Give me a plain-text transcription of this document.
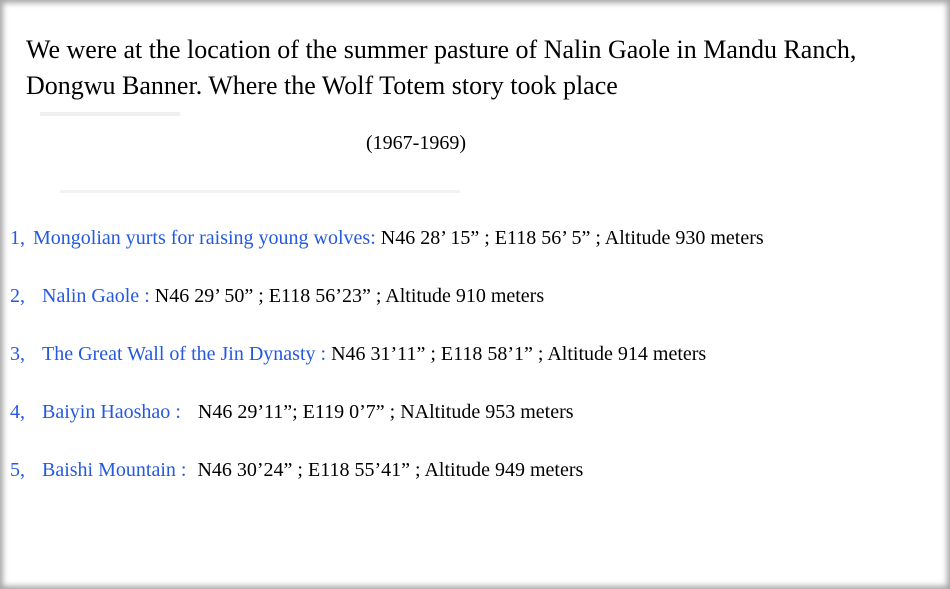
We were at the location of the summer pasture of Nalin Gaole in Mandu Ranch, Dongwu Banner. Where the Wolf Totem story took place
(1967-1969)
1, Mongolian yurts for raising young wolves: N46 28’ 15” ; E118 56’ 5” ; Altitude 930 meters
2, Nalin Gaole : N46 29’ 50” ; E118 56’23” ; Altitude 910 meters
3, The Great Wall of the Jin Dynasty : N46 31’11” ; E118 58’1” ; Altitude 914 meters
4, Baiyin Haoshao : N46 29’11”; E119 0’7” ; NAltitude 953 meters
5, Baishi Mountain : N46 30’24” ; E118 55’41” ; Altitude 949 meters
